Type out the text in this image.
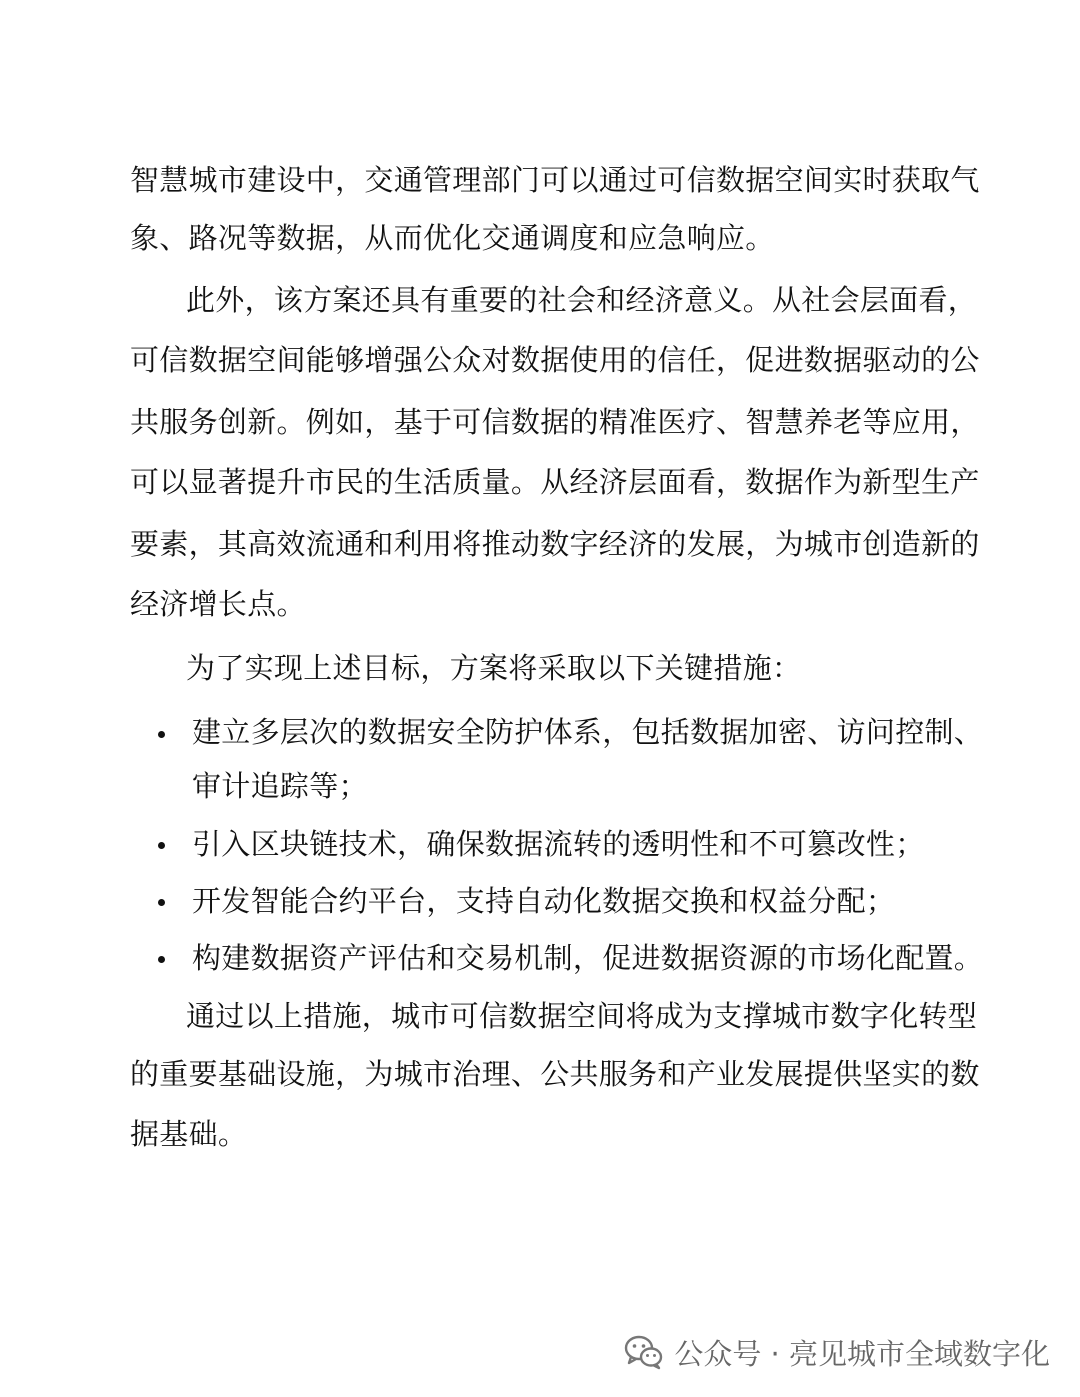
智慧城市建设中，交通管理部门可以通过可信数据空间实时获取气
象、路况等数据，从而优化交通调度和应急响应。
此外，该方案还具有重要的社会和经济意义。从社会层面看，
可信数据空间能够增强公众对数据使用的信任，促进数据驱动的公
共服务创新。例如，基于可信数据的精准医疗、智慧养老等应用，
可以显著提升市民的生活质量。从经济层面看，数据作为新型生产
要素，其高效流通和利用将推动数字经济的发展，为城市创造新的
经济增长点。
为了实现上述目标，方案将采取以下关键措施：
建立多层次的数据安全防护体系，包括数据加密、访问控制、
审计追踪等；
引入区块链技术，确保数据流转的透明性和不可篡改性；
开发智能合约平台，支持自动化数据交换和权益分配；
构建数据资产评估和交易机制，促进数据资源的市场化配置。
通过以上措施，城市可信数据空间将成为支撑城市数字化转型
的重要基础设施，为城市治理、公共服务和产业发展提供坚实的数
据基础。
公众号 · 亮见城市全域数字化
